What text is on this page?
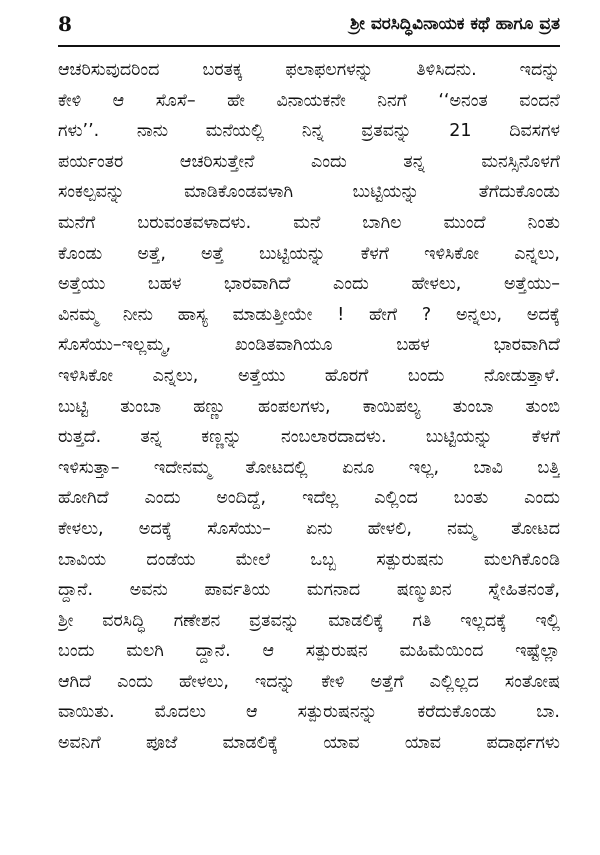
8	ಶ್ರೀ ವರಸಿದ್ಧಿವಿನಾಯಕ ಕಥೆ ಹಾಗೂ ವ್ರತ
ಆಚರಿಸುವುದರಿಂದ ಬರತಕ್ಕ ಫಲಾಫಲಗಳನ್ನು ತಿಳಿಸಿದನು. ಇದನ್ನು
ಕೇಳಿ ಆ ಸೊಸೆ– ಹೇ ವಿನಾಯಕನೇ ನಿನಗೆ ‘‘ಅನಂತ ವಂದನೆ
ಗಳು’’. ನಾನು ಮನೆಯಲ್ಲಿ ನಿನ್ನ ವ್ರತವನ್ನು 21 ದಿವಸಗಳ
ಪರ್ಯಂತರ ಆಚರಿಸುತ್ತೇನೆ ಎಂದು ತನ್ನ ಮನಸ್ಸಿನೊಳಗೆ
ಸಂಕಲ್ಪವನ್ನು ಮಾಡಿಕೊಂಡವಳಾಗಿ ಬುಟ್ಟಿಯನ್ನು ತೆಗೆದುಕೊಂಡು
ಮನೆಗೆ ಬರುವಂತವಳಾದಳು. ಮನೆ ಬಾಗಿಲ ಮುಂದೆ ನಿಂತು
ಕೊಂಡು ಅತ್ತೆ, ಅತ್ತೆ ಬುಟ್ಟಿಯನ್ನು ಕೆಳಗೆ ಇಳಿಸಿಕೋ ಎನ್ನಲು,
ಅತ್ತೆಯು ಬಹಳ ಭಾರವಾಗಿದೆ ಎಂದು ಹೇಳಲು, ಅತ್ತೆಯು–
ವಿನಮ್ಮ ನೀನು ಹಾಸ್ಯ ಮಾಡುತ್ತೀಯೇ ! ಹೇಗೆ ? ಅನ್ನಲು, ಅದಕ್ಕೆ
ಸೊಸೆಯು–ಇಲ್ಲಮ್ಮ, ಖಂಡಿತವಾಗಿಯೂ ಬಹಳ ಭಾರವಾಗಿದೆ
ಇಳಿಸಿಕೋ ಎನ್ನಲು, ಅತ್ತೆಯು ಹೊರಗೆ ಬಂದು ನೋಡುತ್ತಾಳೆ.
ಬುಟ್ಟಿ ತುಂಬಾ ಹಣ್ಣು ಹಂಪಲಗಳು, ಕಾಯಿಪಲ್ಯ ತುಂಬಾ ತುಂಬಿ
ರುತ್ತದೆ. ತನ್ನ ಕಣ್ಣನ್ನು ನಂಬಲಾರದಾದಳು. ಬುಟ್ಟಿಯನ್ನು ಕೆಳಗೆ
ಇಳಿಸುತ್ತಾ– ಇದೇನಮ್ಮ ತೋಟದಲ್ಲಿ ಏನೂ ಇಲ್ಲ, ಬಾವಿ ಬತ್ತಿ
ಹೋಗಿದೆ ಎಂದು ಅಂದಿದ್ದೆ, ಇದೆಲ್ಲ ಎಲ್ಲಿಂದ ಬಂತು ಎಂದು
ಕೇಳಲು, ಅದಕ್ಕೆ ಸೊಸೆಯು– ಏನು ಹೇಳಲಿ, ನಮ್ಮ ತೋಟದ
ಬಾವಿಯ ದಂಡೆಯ ಮೇಲೆ ಒಬ್ಬ ಸತ್ಪುರುಷನು ಮಲಗಿಕೊಂಡಿ
ದ್ದಾನೆ. ಅವನು ಪಾರ್ವತಿಯ ಮಗನಾದ ಷಣ್ಮುಖನ ಸ್ನೇಹಿತನಂತೆ,
ಶ್ರೀ ವರಸಿದ್ಧಿ ಗಣೇಶನ ವ್ರತವನ್ನು ಮಾಡಲಿಕ್ಕೆ ಗತಿ ಇಲ್ಲದಕ್ಕೆ ಇಲ್ಲಿ
ಬಂದು ಮಲಗಿ ದ್ದಾನೆ. ಆ ಸತ್ಪುರುಷನ ಮಹಿಮೆಯಿಂದ ಇಷ್ಟೆಲ್ಲಾ
ಆಗಿದೆ ಎಂದು ಹೇಳಲು, ಇದನ್ನು ಕೇಳಿ ಅತ್ತೆಗೆ ಎಲ್ಲಿಲ್ಲದ ಸಂತೋಷ
ವಾಯಿತು. ಮೊದಲು ಆ ಸತ್ಪುರುಷನನ್ನು ಕರೆದುಕೊಂಡು ಬಾ.
ಅವನಿಗೆ ಪೂಜೆ ಮಾಡಲಿಕ್ಕೆ ಯಾವ ಯಾವ ಪದಾರ್ಥಗಳು
